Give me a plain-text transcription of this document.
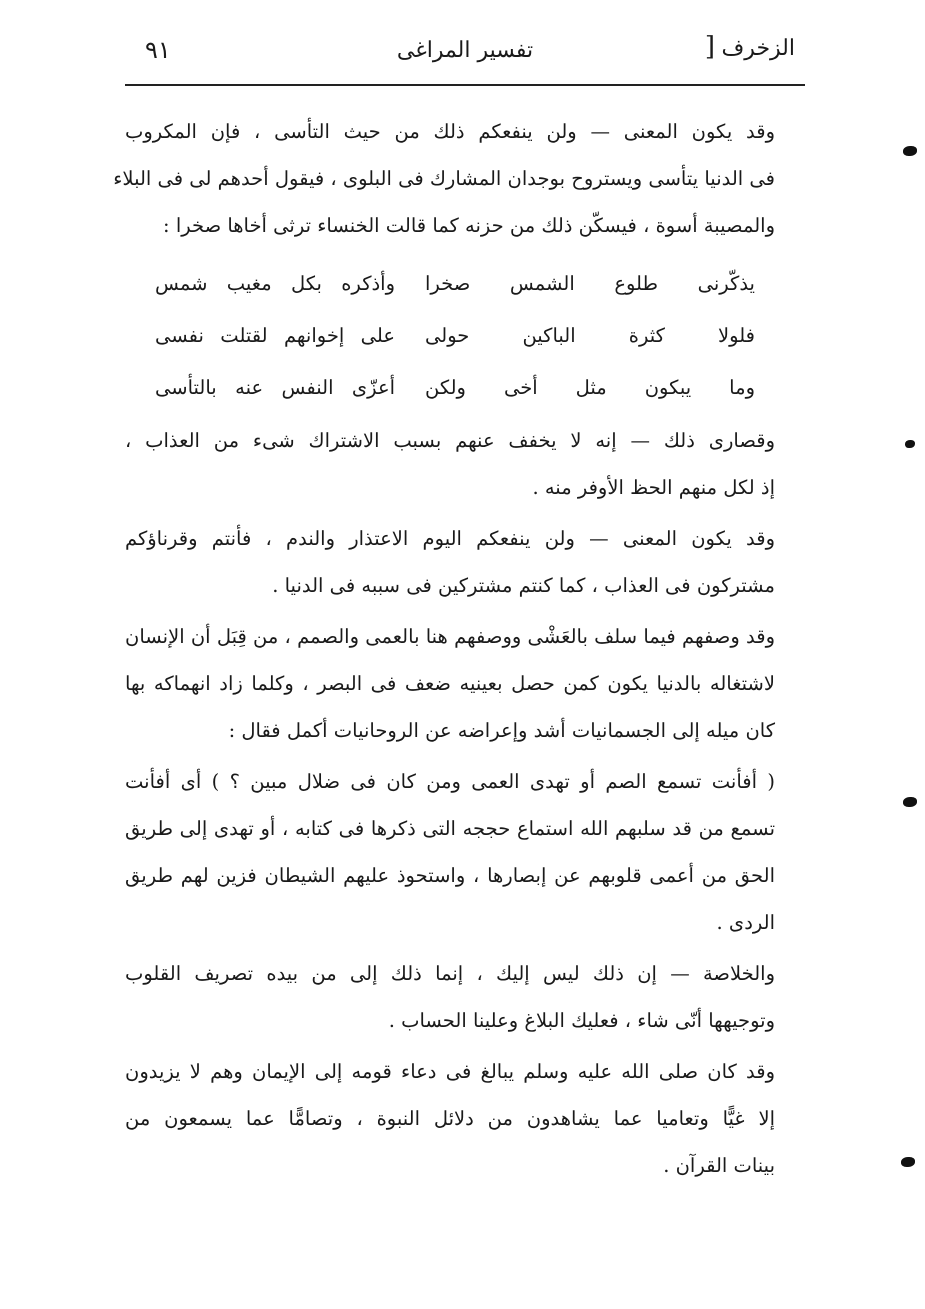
الزخرف
]
تفسير المراغى
٩١

وقد يكون المعنى — ولن ينفعكم ذلك من حيث التأسى ، فإن المكروب
فى الدنيا يتأسى ويستروح بوجدان المشارك فى البلوى ، فيقول أحدهم لى فى البلاء
والمصيبة أسوة ، فيسكّن ذلك من حزنه كما قالت الخنساء ترثى أخاها صخرا :

يذكّرنى طلوع الشمس صخرا
وأذكره بكل مغيب شمس
فلولا كثرة الباكين حولى
على إخوانهم لقتلت نفسى
وما يبكون مثل أخى ولكن
أعزّى النفس عنه بالتأسى

وقصارى ذلك — إنه لا يخفف عنهم بسبب الاشتراك شىء من العذاب ،
إذ لكل منهم الحظ الأوفر منه .

وقد يكون المعنى — ولن ينفعكم اليوم الاعتذار والندم ، فأنتم وقرناؤكم
مشتركون فى العذاب ، كما كنتم مشتركين فى سببه فى الدنيا .

وقد وصفهم فيما سلف بالعَشْى ووصفهم هنا بالعمى والصمم ، من قِبَل أن الإنسان
لاشتغاله بالدنيا يكون كمن حصل بعينيه ضعف فى البصر ، وكلما زاد انهماكه بها
كان ميله إلى الجسمانيات أشد وإعراضه عن الروحانيات أكمل فقال :

( أفأنت تسمع الصم أو تهدى العمى ومن كان فى ضلال مبين ؟ ) أى أفأنت
تسمع من قد سلبهم الله استماع حججه التى ذكرها فى كتابه ، أو تهدى إلى طريق
الحق من أعمى قلوبهم عن إبصارها ، واستحوذ عليهم الشيطان فزين لهم طريق
الردى .

والخلاصة — إن ذلك ليس إليك ، إنما ذلك إلى من بيده تصريف القلوب
وتوجيهها أنّى شاء ، فعليك البلاغ وعلينا الحساب .

وقد كان صلى الله عليه وسلم يبالغ فى دعاء قومه إلى الإيمان وهم لا يزيدون
إلا غيًّا وتعاميا عما يشاهدون من دلائل النبوة ، وتصامًّا عما يسمعون من
بينات القرآن .
